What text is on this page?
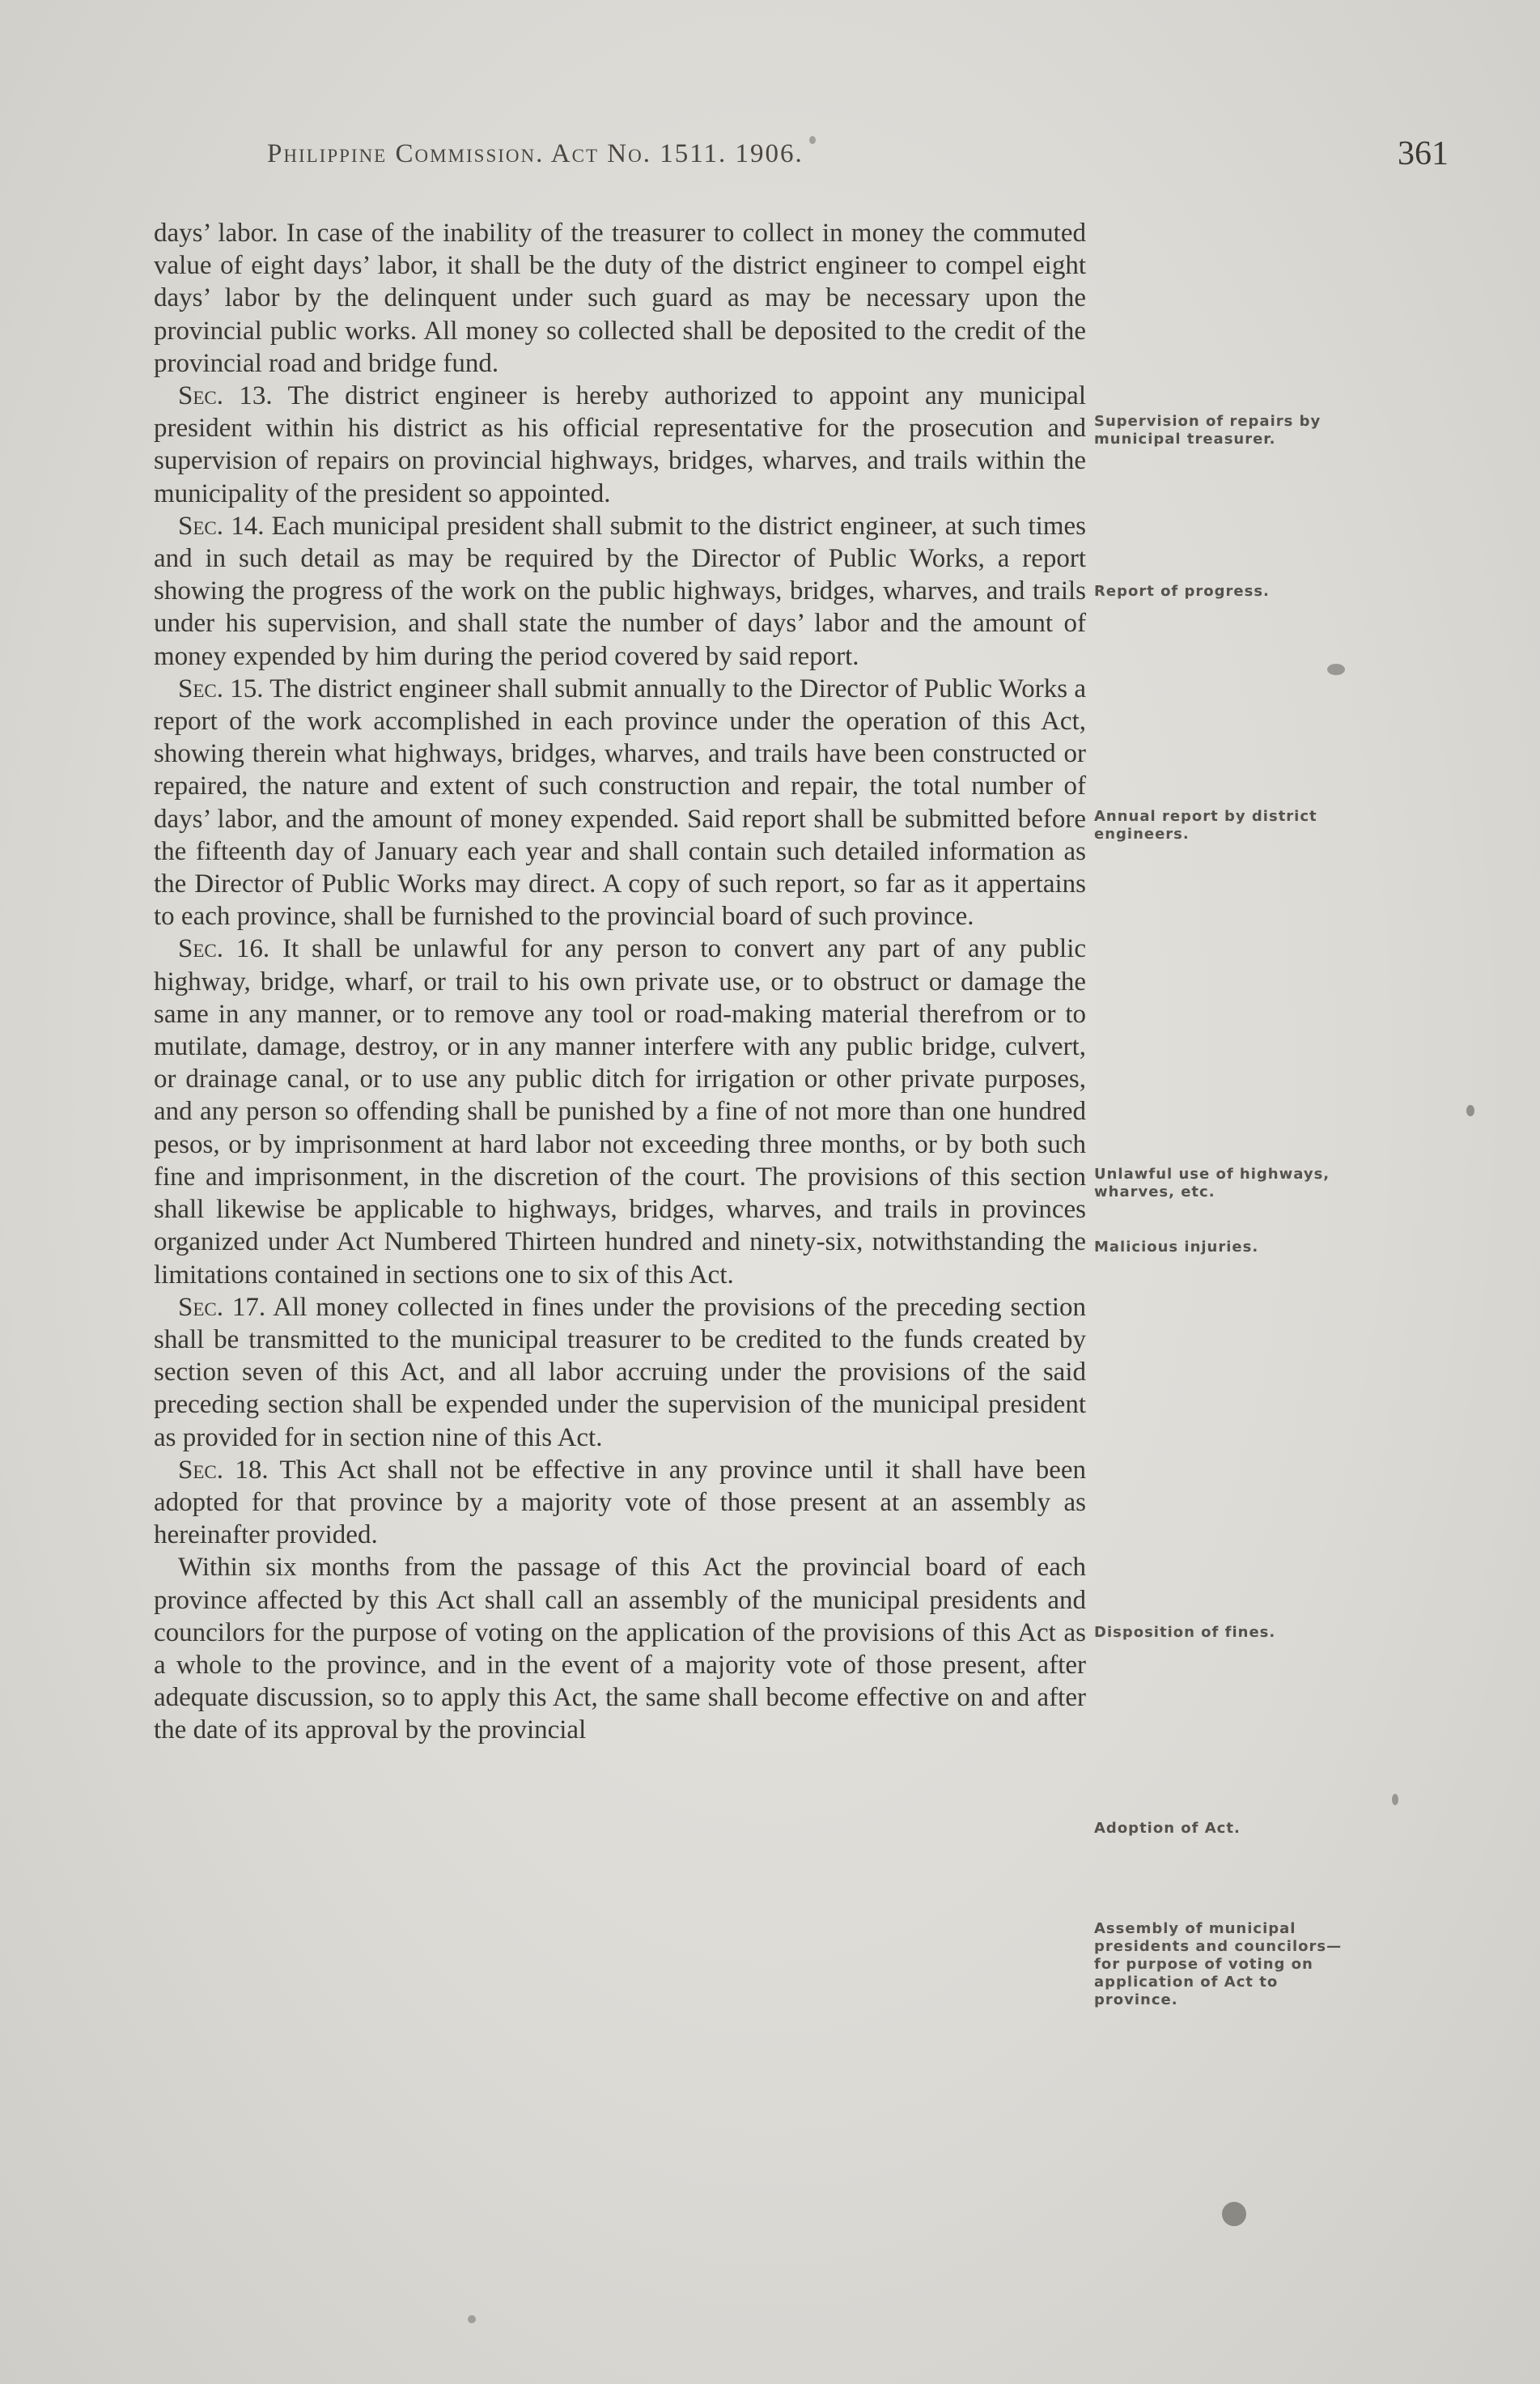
Philippine Commission. Act No. 1511. 1906.	361

days’ labor. In case of the inability of the treasurer to collect in money the commuted value of eight days’ labor, it shall be the duty of the district engineer to compel eight days’ labor by the delinquent under such guard as may be necessary upon the provincial public works. All money so collected shall be deposited to the credit of the provincial road and bridge fund.

Sec. 13. The district engineer is hereby authorized to appoint any municipal president within his district as his official representative for the prosecution and supervision of repairs on provincial highways, bridges, wharves, and trails within the municipality of the president so appointed.

Sec. 14. Each municipal president shall submit to the district engineer, at such times and in such detail as may be required by the Director of Public Works, a report showing the progress of the work on the public highways, bridges, wharves, and trails under his supervision, and shall state the number of days’ labor and the amount of money expended by him during the period covered by said report.

Sec. 15. The district engineer shall submit annually to the Director of Public Works a report of the work accomplished in each province under the operation of this Act, showing therein what highways, bridges, wharves, and trails have been constructed or repaired, the nature and extent of such construction and repair, the total number of days’ labor, and the amount of money expended. Said report shall be submitted before the fifteenth day of January each year and shall contain such detailed information as the Director of Public Works may direct. A copy of such report, so far as it appertains to each province, shall be furnished to the provincial board of such province.

Sec. 16. It shall be unlawful for any person to convert any part of any public highway, bridge, wharf, or trail to his own private use, or to obstruct or damage the same in any manner, or to remove any tool or road-making material therefrom or to mutilate, damage, destroy, or in any manner interfere with any public bridge, culvert, or drainage canal, or to use any public ditch for irrigation or other private purposes, and any person so offending shall be punished by a fine of not more than one hundred pesos, or by imprisonment at hard labor not exceeding three months, or by both such fine and imprisonment, in the discretion of the court. The provisions of this section shall likewise be applicable to highways, bridges, wharves, and trails in provinces organized under Act Numbered Thirteen hundred and ninety-six, notwithstanding the limitations contained in sections one to six of this Act.

Sec. 17. All money collected in fines under the provisions of the preceding section shall be transmitted to the municipal treasurer to be credited to the funds created by section seven of this Act, and all labor accruing under the provisions of the said preceding section shall be expended under the supervision of the municipal president as provided for in section nine of this Act.

Sec. 18. This Act shall not be effective in any province until it shall have been adopted for that province by a majority vote of those present at an assembly as hereinafter provided.

Within six months from the passage of this Act the provincial board of each province affected by this Act shall call an assembly of the municipal presidents and councilors for the purpose of voting on the application of the provisions of this Act as a whole to the province, and in the event of a majority vote of those present, after adequate discussion, so to apply this Act, the same shall become effective on and after the date of its approval by the provincial

Supervision of repairs by municipal treasurer.
Report of progress.
Annual report by district engineers.
Unlawful use of highways, wharves, etc.
Malicious injuries.
Disposition of fines.
Adoption of Act.
Assembly of municipal presidents and councilors—for purpose of voting on application of Act to province.
